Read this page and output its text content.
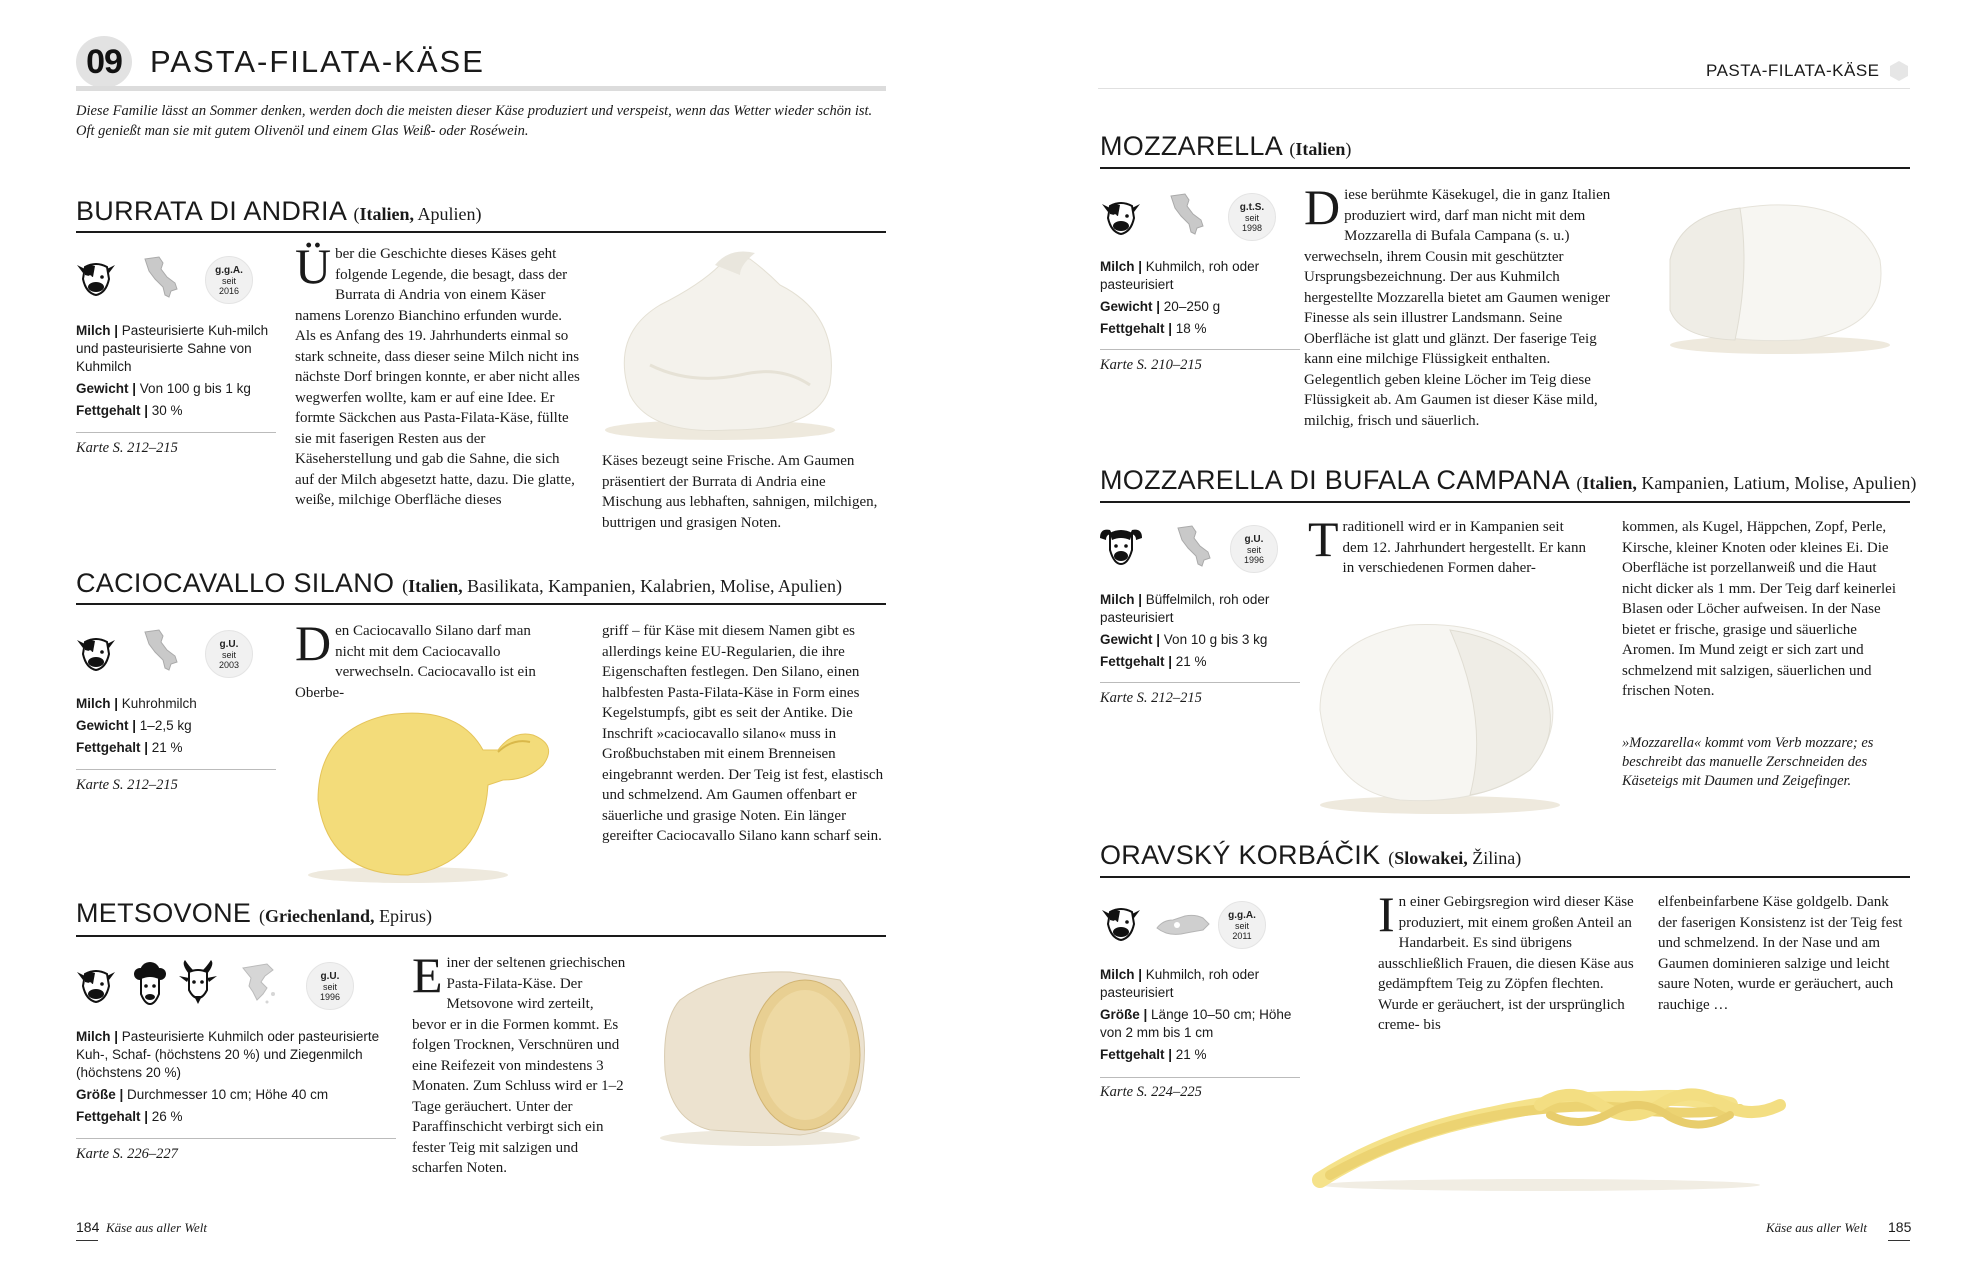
09 PASTA-FILATA-KÄSE
Diese Familie lässt an Sommer denken, werden doch die meisten dieser Käse produziert und verspeist, wenn das Wetter wieder schön ist. Oft genießt man sie mit gutem Olivenöl und einem Glas Weiß- oder Roséwein.
BURRATA DI ANDRIA (Italien, Apulien)
g.g.A.
seit
2016
Milch | Pasteurisierte Kuh-milch und pasteurisierte Sahne von Kuhmilch
Gewicht | Von 100 g bis 1 kg
Fettgehalt | 30 %
Karte S. 212–215
Über die Geschichte dieses Käses geht folgende Legende, die besagt, dass der Burrata di Andria von einem Käser namens Lorenzo Bianchino erfunden wurde. Als es Anfang des 19. Jahrhunderts einmal so stark schneite, dass dieser seine Milch nicht ins nächste Dorf bringen konnte, er aber nicht alles wegwerfen wollte, kam er auf eine Idee. Er formte Säckchen aus Pasta-Filata-Käse, füllte sie mit faserigen Resten aus der Käseherstellung und gab die Sahne, die sich auf der Milch abgesetzt hatte, dazu. Die glatte, weiße, milchige Oberfläche dieses
Käses bezeugt seine Frische. Am Gaumen präsentiert der Burrata di Andria eine Mischung aus lebhaften, sahnigen, milchigen, buttrigen und grasigen Noten.
CACIOCAVALLO SILANO (Italien, Basilikata, Kampanien, Kalabrien, Molise, Apulien)
g.U.
seit
2003
Milch | Kuhrohmilch
Gewicht | 1–2,5 kg
Fettgehalt | 21 %
Karte S. 212–215
Den Caciocavallo Silano darf man nicht mit dem Caciocavallo verwechseln. Caciocavallo ist ein Oberbe-
griff – für Käse mit diesem Namen gibt es allerdings keine EU-Regularien, die ihre Eigenschaften festlegen. Den Silano, einen halbfesten Pasta-Filata-Käse in Form eines Kegelstumpfs, gibt es seit der Antike. Die Inschrift »caciocavallo silano« muss in Großbuchstaben mit einem Brenneisen eingebrannt werden. Der Teig ist fest, elastisch und schmelzend. Am Gaumen offenbart er säuerliche und grasige Noten. Ein länger gereifter Caciocavallo Silano kann scharf sein.
METSOVONE (Griechenland, Epirus)
g.U.
seit
1996
Milch | Pasteurisierte Kuhmilch oder pasteurisierte Kuh-, Schaf- (höchstens 20 %) und Ziegenmilch (höchstens 20 %)
Größe | Durchmesser 10 cm; Höhe 40 cm
Fettgehalt | 26 %
Karte S. 226–227
Einer der seltenen griechischen Pasta-Filata-Käse. Der Metsovone wird zerteilt, bevor er in die Formen kommt. Es folgen Trocknen, Verschnüren und eine Reifezeit von mindestens 3 Monaten. Zum Schluss wird er 1–2 Tage geräuchert. Unter der Paraffinschicht verbirgt sich ein fester Teig mit salzigen und scharfen Noten.
184 Käse aus aller Welt
PASTA-FILATA-KÄSE
MOZZARELLA (Italien)
g.t.S.
seit
1998
Milch | Kuhmilch, roh oder pasteurisiert
Gewicht | 20–250 g
Fettgehalt | 18 %
Karte S. 210–215
Diese berühmte Käsekugel, die in ganz Italien produziert wird, darf man nicht mit dem Mozzarella di Bufala Campana (s. u.) verwechseln, ihrem Cousin mit geschützter Ursprungsbezeichnung. Der aus Kuhmilch hergestellte Mozzarella bietet am Gaumen weniger Finesse als sein illustrer Landsmann. Seine Oberfläche ist glatt und glänzt. Der faserige Teig kann eine milchige Flüssigkeit enthalten. Gelegentlich geben kleine Löcher im Teig diese Flüssigkeit ab. Am Gaumen ist dieser Käse mild, milchig, frisch und säuerlich.
MOZZARELLA DI BUFALA CAMPANA (Italien, Kampanien, Latium, Molise, Apulien)
g.U.
seit
1996
Milch | Büffelmilch, roh oder pasteurisiert
Gewicht | Von 10 g bis 3 kg
Fettgehalt | 21 %
Karte S. 212–215
Traditionell wird er in Kampanien seit dem 12. Jahrhundert hergestellt. Er kann in verschiedenen Formen daher-
kommen, als Kugel, Häppchen, Zopf, Perle, Kirsche, kleiner Knoten oder kleines Ei. Die Oberfläche ist porzellanweiß und die Haut nicht dicker als 1 mm. Der Teig darf keinerlei Blasen oder Löcher aufweisen. In der Nase bietet er frische, grasige und säuerliche Aromen. Im Mund zeigt er sich zart und schmelzend mit salzigen, säuerlichen und frischen Noten.
»Mozzarella« kommt vom Verb mozzare; es beschreibt das manuelle Zerschneiden des Käseteigs mit Daumen und Zeigefinger.
ORAVSKÝ KORBÁČIK (Slowakei, Žilina)
g.g.A.
seit
2011
Milch | Kuhmilch, roh oder pasteurisiert
Größe | Länge 10–50 cm; Höhe von 2 mm bis 1 cm
Fettgehalt | 21 %
Karte S. 224–225
In einer Gebirgsregion wird dieser Käse produziert, mit einem großen Anteil an Handarbeit. Es sind übrigens ausschließlich Frauen, die diesen Käse aus gedämpftem Teig zu Zöpfen flechten. Wurde er geräuchert, ist der ursprünglich creme- bis
elfenbeinfarbene Käse goldgelb. Dank der faserigen Konsistenz ist der Teig fest und schmelzend. In der Nase und am Gaumen dominieren salzige und leicht saure Noten, wurde er geräuchert, auch rauchige …
Käse aus aller Welt 185
